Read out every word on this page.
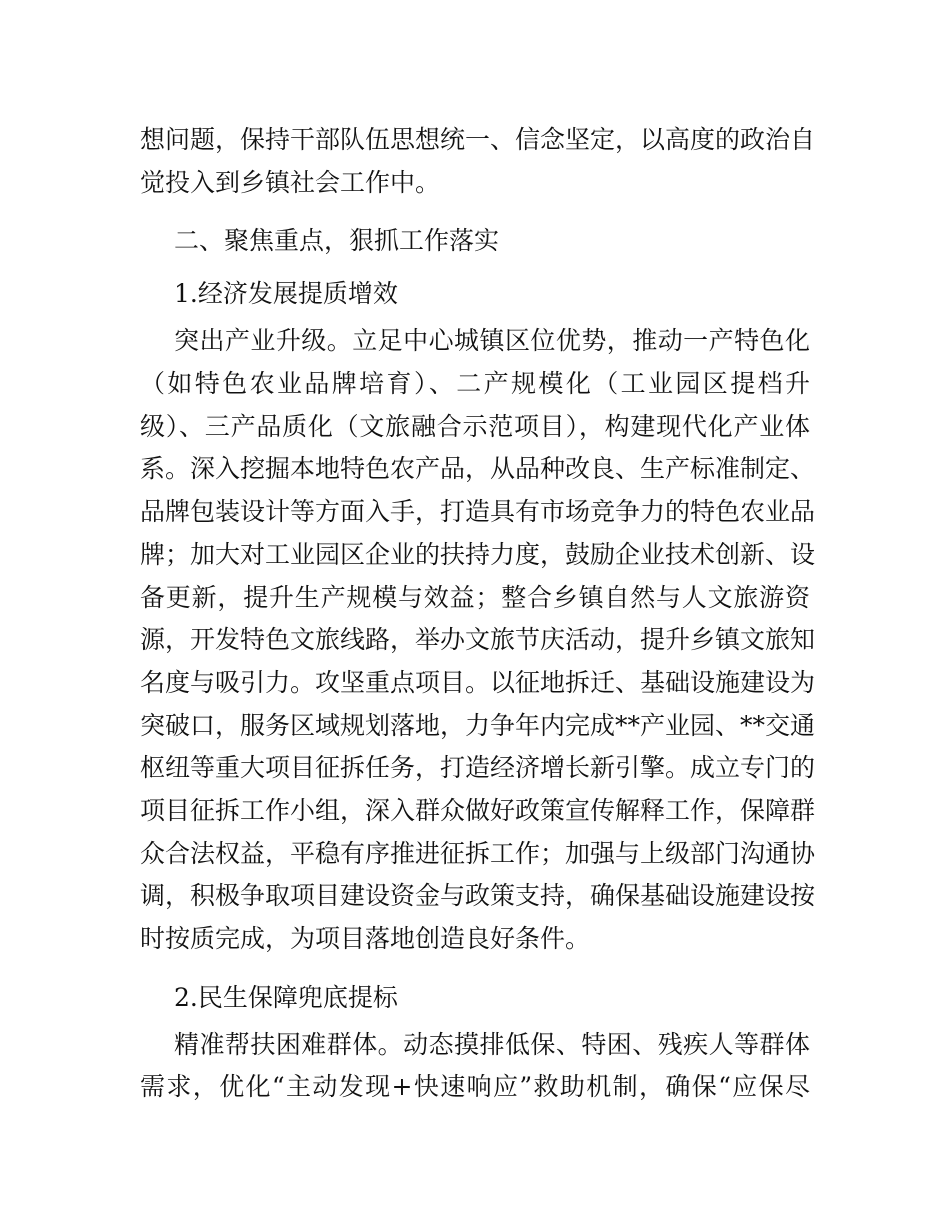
想问题，保持干部队伍思想统一、信念坚定，以高度的政治自
觉投入到乡镇社会工作中。
二、聚焦重点，狠抓工作落实
1.经济发展提质增效
突出产业升级。立足中心城镇区位优势，推动一产特色化
（如特色农业品牌培育）、二产规模化（工业园区提档升
级）、三产品质化（文旅融合示范项目），构建现代化产业体
系。深入挖掘本地特色农产品，从品种改良、生产标准制定、
品牌包装设计等方面入手，打造具有市场竞争力的特色农业品
牌；加大对工业园区企业的扶持力度，鼓励企业技术创新、设
备更新，提升生产规模与效益；整合乡镇自然与人文旅游资
源，开发特色文旅线路，举办文旅节庆活动，提升乡镇文旅知
名度与吸引力。攻坚重点项目。以征地拆迁、基础设施建设为
突破口，服务区域规划落地，力争年内完成**产业园、**交通
枢纽等重大项目征拆任务，打造经济增长新引擎。成立专门的
项目征拆工作小组，深入群众做好政策宣传解释工作，保障群
众合法权益，平稳有序推进征拆工作；加强与上级部门沟通协
调，积极争取项目建设资金与政策支持，确保基础设施建设按
时按质完成，为项目落地创造良好条件。
2.民生保障兜底提标
精准帮扶困难群体。动态摸排低保、特困、残疾人等群体
需求，优化“主动发现+快速响应”救助机制，确保“应保尽
